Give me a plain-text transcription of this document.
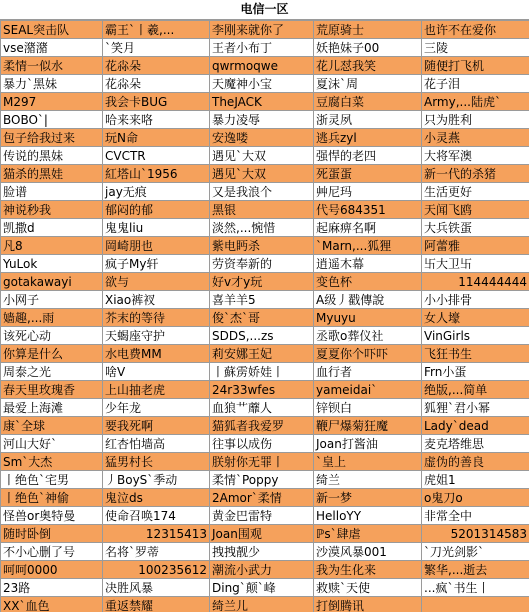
电信一区
SEAL突击队	霸王`丨羲,...	李刚来就你了	荒原骑士	也许不在爱你
vse潴潴	`笑月	王者小布丁	妖艳妹子00	三陵
柔情一似水	花尛朵	qwrmoqwe	花儿怼我笑	随便打飞机
暴力`黑妹	花尛朵	天魔神小宝	夏沫`周	花子泪
M297	我会卡BUG	TheJACK	豆腐白菜	Army,...陆虎`
BOBO`|	哈来来咯	暴力凌辱	浙灵夙	只为胜利
包子给我过来	玩N命	安逸喽	逃兵zyl	小灵燕
传说的黑妹	CVCTR	遇见`大双	强悍的老四	大将军澳
猫杀的黑娃	紅塔山`1956	遇见`大双	死蛋蛋	新一代的杀猪
脸谱	jay无痕	又是我浪个	艸尼玛	生活更好
神说秒我	郁闷的郁	黑银	代号684351	天闻飞鸥
凯撒d	鬼鬼liu	淡然,...惋惜	起麻痹名啊	大兵铁蛋
凡8	岡崎朋也	紫电眄杀	`Marn,...狐狸	阿蕾雅
YuLok	疯子My轩	劳资奉新的	逍遥木幕	卐大卫卐
gotakawayi	欲与	好v才y玩	变色杯	114444444
小网子	Xiao裤衩	喜羊羊5	A级丿戳傳說	小小排骨
嫱趣,...雨	芥末的等待	俊`杰`哥	Myuyu	女人壕
该死心动	天蝎座守护	SDDS,...zs	丞歌o葬仪社	VinGirls
你算是什么	水电费MM	莉安娜王妃	夏夏你个吓吓	飞狂书生
周泰之光	啥V	丨蘇雳娇娃丨	血行者	Frn小蛋
春天里玫瑰香	上山抽老虎	24r33wfes	yameidai`	绝版,...简单
最爱上海滩	少年龙	血狼艹蘼人	锌钡白	狐狸`君小幂
康`全球	要我死啊	猫狐者我爱罗	鞭尸爆菊狂魔	Lady`dead
河山大好`	红杏怕墙高	往事以成伤	Joan打酱油	麦克塔维思
Sm`大杰	猛男村长	朕射你无罪丨	`皇上	虚伪的善良
丨绝色`宅男	丿BoyS`季动	柔情`Poppy	绮兰	虎姐1
丨绝色`神偷	鬼泣ds	2Amor`柔情	新一梦	o鬼刀o
怪兽or奥特曼	使命召唤174	黄金巴雷特	HelloYY	非常全中
随时卧倒	12315413	Joan围观	ℙs`肆虐	5201314583
不小心删了号	名将`罗蒂	拽拽靓少	沙漠风暴001	`刀光剑影`
呵呵0000	100235612	潮流小武力	我为生化来	繁华,...逝去
23路	决胜风暴	Ding`颠`峰	救赎`天使	...疯`书生丨
XX`血色	重返禁耀	绮兰儿	打倒腾讯	
